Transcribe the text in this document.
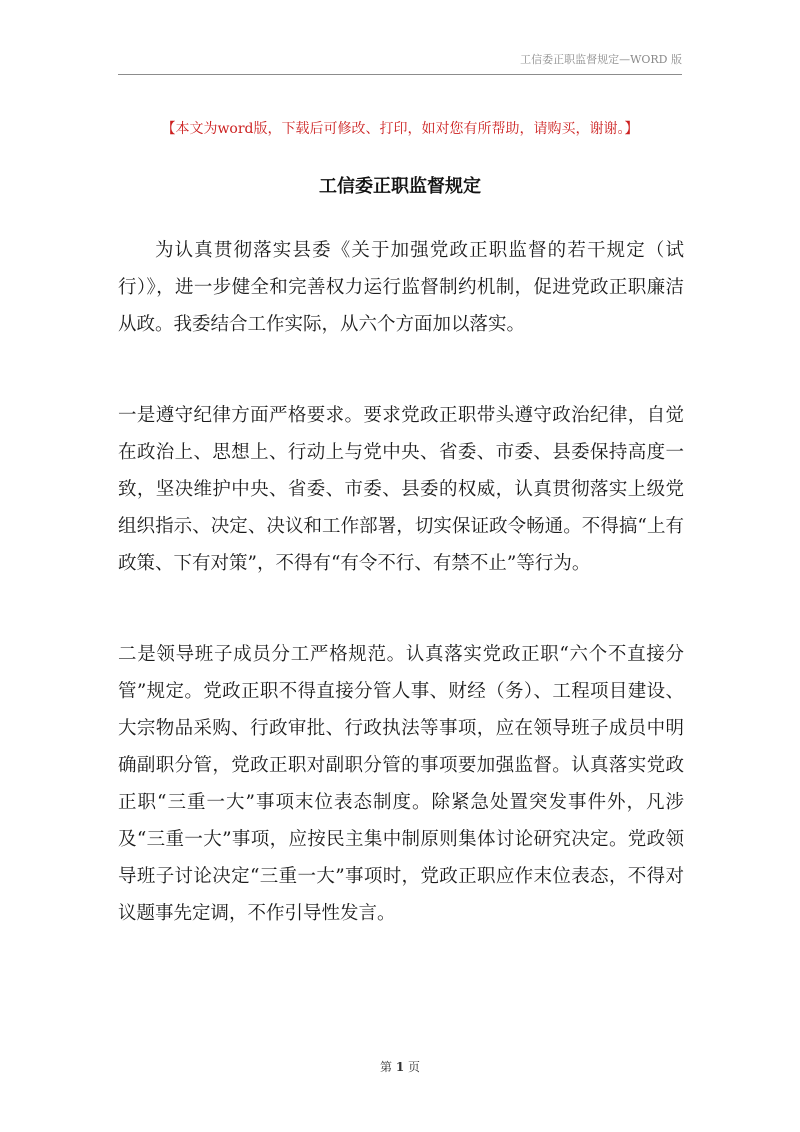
工信委正职监督规定—WORD 版
【本文为word版，下载后可修改、打印，如对您有所帮助，请购买，谢谢。】
工信委正职监督规定

为认真贯彻落实县委《关于加强党政正职监督的若干规定（试行）》，进一步健全和完善权力运行监督制约机制，促进党政正职廉洁从政。我委结合工作实际，从六个方面加以落实。

一是遵守纪律方面严格要求。要求党政正职带头遵守政治纪律，自觉在政治上、思想上、行动上与党中央、省委、市委、县委保持高度一致，坚决维护中央、省委、市委、县委的权威，认真贯彻落实上级党组织指示、决定、决议和工作部署，切实保证政令畅通。不得搞“上有政策、下有对策”，不得有“有令不行、有禁不止”等行为。

二是领导班子成员分工严格规范。认真落实党政正职“六个不直接分管”规定。党政正职不得直接分管人事、财经（务）、工程项目建设、大宗物品采购、行政审批、行政执法等事项，应在领导班子成员中明确副职分管，党政正职对副职分管的事项要加强监督。认真落实党政正职“三重一大”事项末位表态制度。除紧急处置突发事件外，凡涉及“三重一大”事项，应按民主集中制原则集体讨论研究决定。党政领导班子讨论决定“三重一大”事项时，党政正职应作末位表态，不得对议题事先定调，不作引导性发言。

第 1 页
